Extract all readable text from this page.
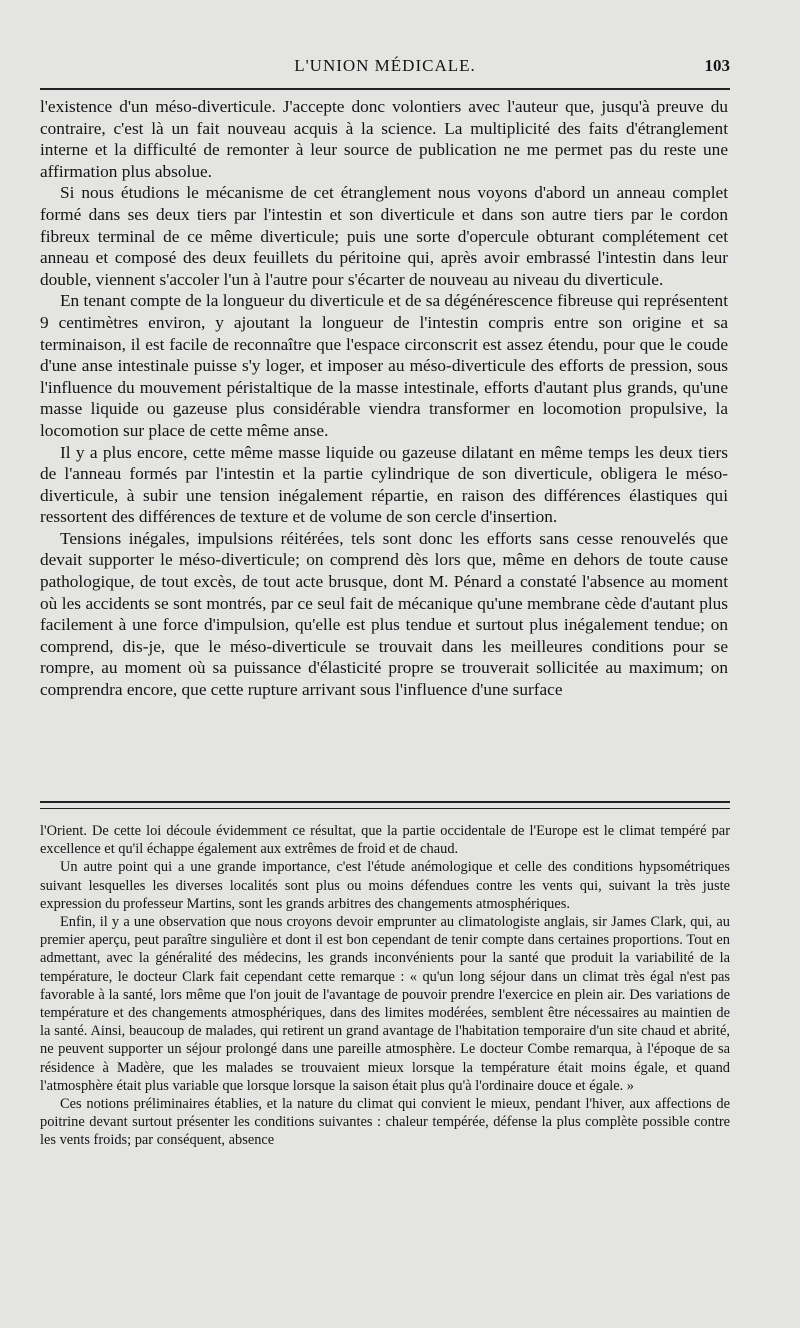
L'UNION MÉDICALE.	103

l'existence d'un méso-diverticule. J'accepte donc volontiers avec l'auteur que, jusqu'à preuve du contraire, c'est là un fait nouveau acquis à la science. La multiplicité des faits d'étranglement interne et la difficulté de remonter à leur source de publication ne me permet pas du reste une affirmation plus absolue.

Si nous étudions le mécanisme de cet étranglement nous voyons d'abord un anneau complet formé dans ses deux tiers par l'intestin et son diverticule et dans son autre tiers par le cordon fibreux terminal de ce même diverticule; puis une sorte d'opercule obturant complétement cet anneau et composé des deux feuillets du péritoine qui, après avoir embrassé l'intestin dans leur double, viennent s'accoler l'un à l'autre pour s'écarter de nouveau au niveau du diverticule.

En tenant compte de la longueur du diverticule et de sa dégénérescence fibreuse qui représentent 9 centimètres environ, y ajoutant la longueur de l'intestin compris entre son origine et sa terminaison, il est facile de reconnaître que l'espace circonscrit est assez étendu, pour que le coude d'une anse intestinale puisse s'y loger, et imposer au méso-diverticule des efforts de pression, sous l'influence du mouvement péristaltique de la masse intestinale, efforts d'autant plus grands, qu'une masse liquide ou gazeuse plus considérable viendra transformer en locomotion propulsive, la locomotion sur place de cette même anse.

Il y a plus encore, cette même masse liquide ou gazeuse dilatant en même temps les deux tiers de l'anneau formés par l'intestin et la partie cylindrique de son diverticule, obligera le méso-diverticule, à subir une tension inégalement répartie, en raison des différences élastiques qui ressortent des différences de texture et de volume de son cercle d'insertion.

Tensions inégales, impulsions réitérées, tels sont donc les efforts sans cesse renouvelés que devait supporter le méso-diverticule; on comprend dès lors que, même en dehors de toute cause pathologique, de tout excès, de tout acte brusque, dont M. Pénard a constaté l'absence au moment où les accidents se sont montrés, par ce seul fait de mécanique qu'une membrane cède d'autant plus facilement à une force d'impulsion, qu'elle est plus tendue et surtout plus inégalement tendue; on comprend, dis-je, que le méso-diverticule se trouvait dans les meilleures conditions pour se rompre, au moment où sa puissance d'élasticité propre se trouverait sollicitée au maximum; on comprendra encore, que cette rupture arrivant sous l'influence d'une surface

l'Orient. De cette loi découle évidemment ce résultat, que la partie occidentale de l'Europe est le climat tempéré par excellence et qu'il échappe également aux extrêmes de froid et de chaud.

Un autre point qui a une grande importance, c'est l'étude anémologique et celle des conditions hypsométriques suivant lesquelles les diverses localités sont plus ou moins défendues contre les vents qui, suivant la très juste expression du professeur Martins, sont les grands arbitres des changements atmosphériques.

Enfin, il y a une observation que nous croyons devoir emprunter au climatologiste anglais, sir James Clark, qui, au premier aperçu, peut paraître singulière et dont il est bon cependant de tenir compte dans certaines proportions. Tout en admettant, avec la généralité des médecins, les grands inconvénients pour la santé que produit la variabilité de la température, le docteur Clark fait cependant cette remarque : « qu'un long séjour dans un climat très égal n'est pas favorable à la santé, lors même que l'on jouit de l'avantage de pouvoir prendre l'exercice en plein air. Des variations de température et des changements atmosphériques, dans des limites modérées, semblent être nécessaires au maintien de la santé. Ainsi, beaucoup de malades, qui retirent un grand avantage de l'habitation temporaire d'un site chaud et abrité, ne peuvent supporter un séjour prolongé dans une pareille atmosphère. Le docteur Combe remarqua, à l'époque de sa résidence à Madère, que les malades se trouvaient mieux lorsque la température était moins égale, et quand l'atmosphère était plus variable que lorsque lorsque la saison était plus qu'à l'ordinaire douce et égale. »

Ces notions préliminaires établies, et la nature du climat qui convient le mieux, pendant l'hiver, aux affections de poitrine devant surtout présenter les conditions suivantes : chaleur tempérée, défense la plus complète possible contre les vents froids; par conséquent, absence
